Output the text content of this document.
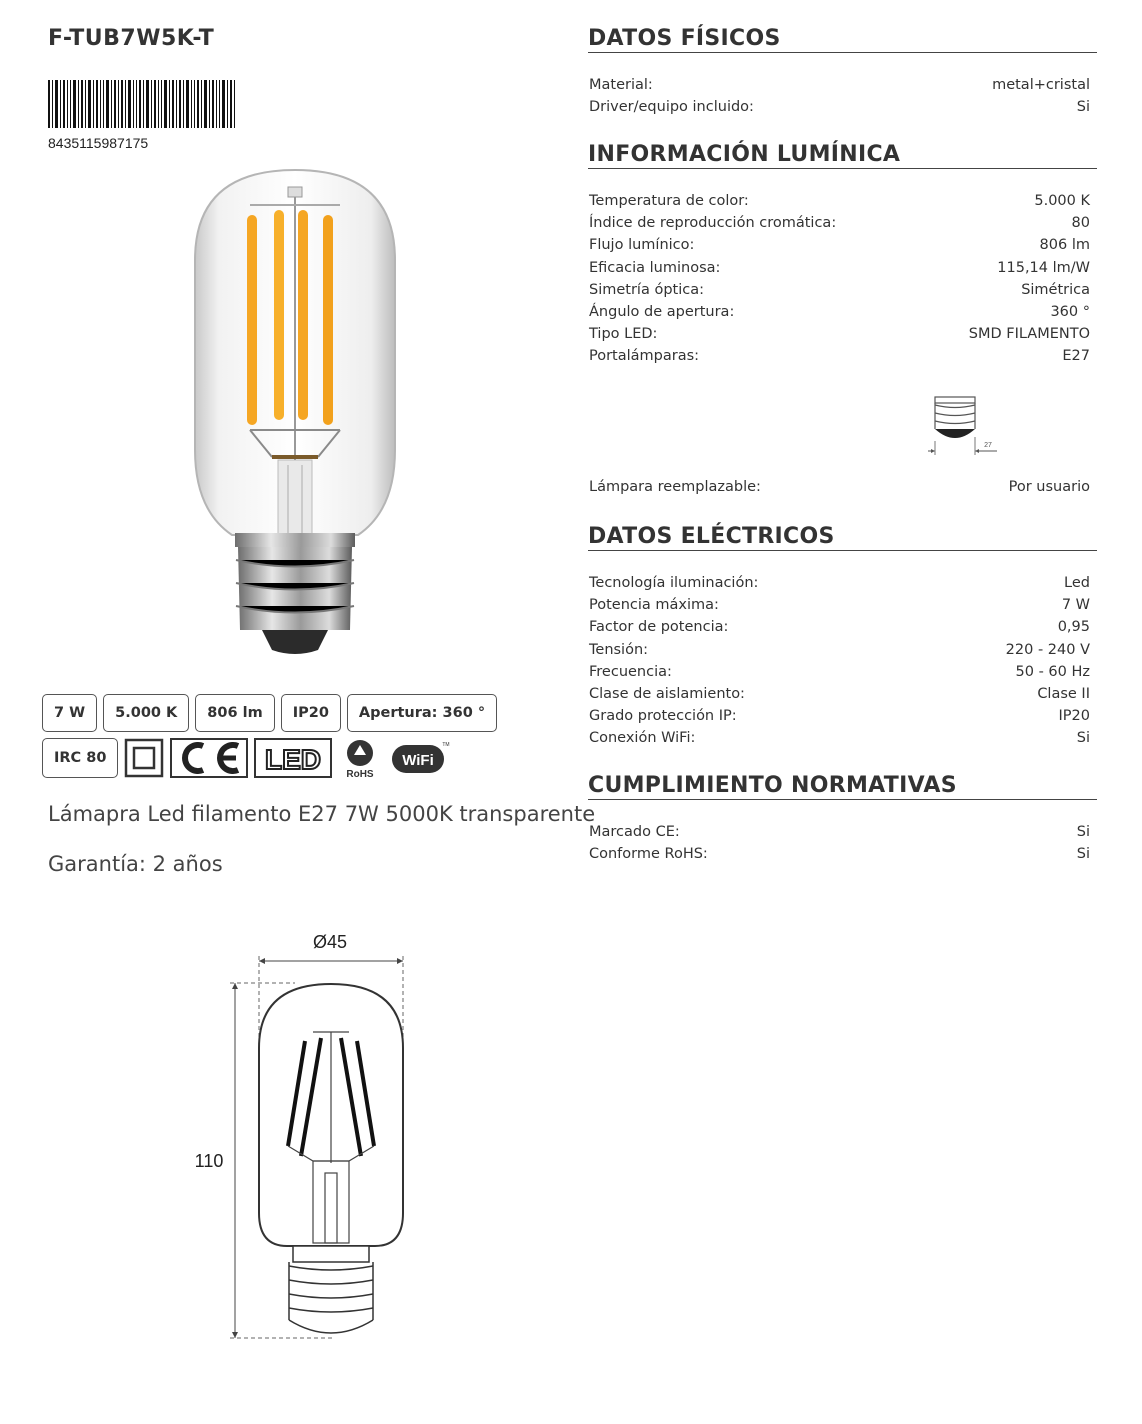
F-TUB7W5K-T
8435115987175
7 W	5.000 K	806 lm	IP20	Apertura: 360 °
IRC 80	LED	RoHS
WiFi
TM
Lámapra Led filamento E27 7W 5000K transparente
Garantía: 2 años
Ø45
110
DATOS FÍSICOS
Material:	metal+cristal
Driver/equipo incluido:	Si
INFORMACIÓN LUMÍNICA
Temperatura de color:	5.000 K
Índice de reproducción cromática:	80
Flujo lumínico:	806 lm
Eficacia luminosa:	115,14 lm/W
Simetría óptica:	Simétrica
Ángulo de apertura:	360 °
Tipo LED:	SMD FILAMENTO
Portalámparas:	E27
27
Lámpara reemplazable:	Por usuario
DATOS ELÉCTRICOS
Tecnología iluminación:	Led
Potencia máxima:	7 W
Factor de potencia:	0,95
Tensión:	220 - 240 V
Frecuencia:	50 - 60 Hz
Clase de aislamiento:	Clase II
Grado protección IP:	IP20
Conexión WiFi:	Si
CUMPLIMIENTO NORMATIVAS
Marcado CE:	Si
Conforme RoHS:	Si
